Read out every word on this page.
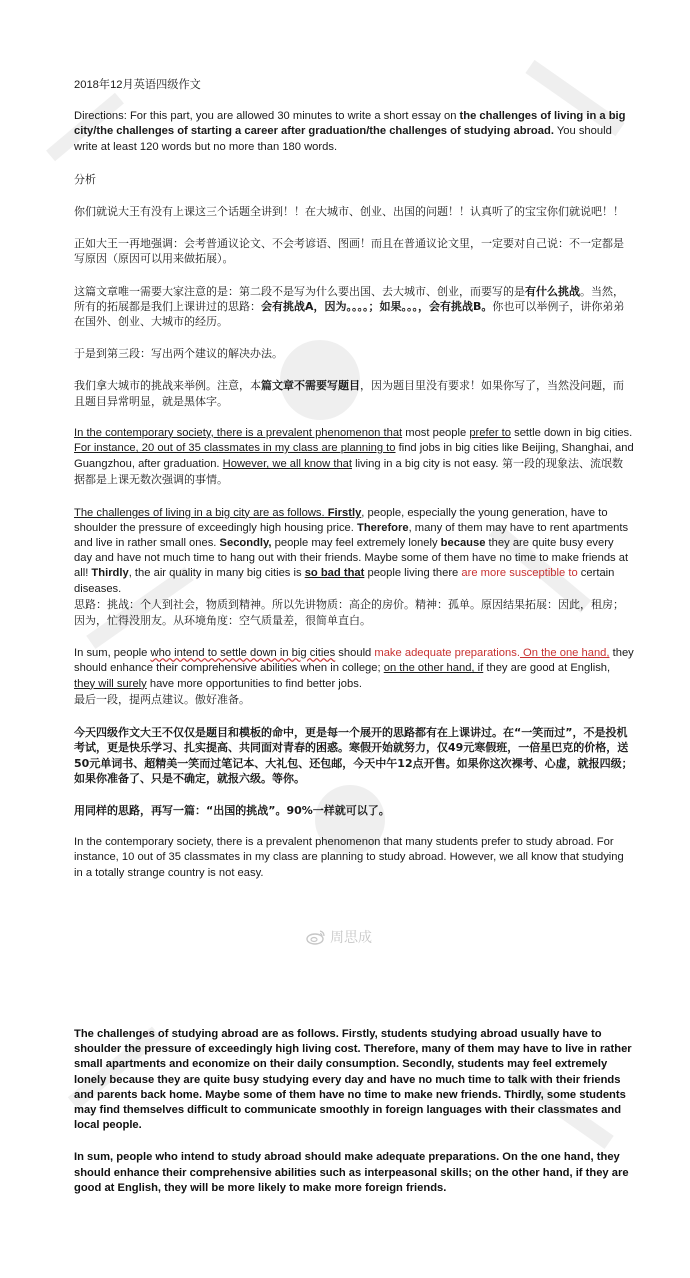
2018年12月英语四级作文
Directions: For this part, you are allowed 30 minutes to write a short essay on the challenges of living in a big city/the challenges of starting a career after graduation/the challenges of studying abroad. You should write at least 120 words but no more than 180 words.
分析
你们就说大王有没有上课这三个话题全讲到！！在大城市、创业、出国的问题！！认真听了的宝宝你们就说吧！！
正如大王一再地强调：会考普通议论文、不会考谚语、图画！而且在普通议论文里，一定要对自己说：不一定都是写原因（原因可以用来做拓展）。
这篇文章唯一需要大家注意的是：第二段不是写为什么要出国、去大城市、创业，而要写的是有什么挑战。当然，所有的拓展都是我们上课讲过的思路：会有挑战A，因为。。。。；如果。。。，会有挑战B。你也可以举例子，讲你弟弟在国外、创业、大城市的经历。
于是到第三段：写出两个建议的解决办法。
我们拿大城市的挑战来举例。注意，本篇文章不需要写题目，因为题目里没有要求！如果你写了，当然没问题，而且题目异常明显，就是黑体字。
In the contemporary society, there is a prevalent phenomenon that most people prefer to settle down in big cities. For instance, 20 out of 35 classmates in my class are planning to find jobs in big cities like Beijing, Shanghai, and Guangzhou, after graduation. However, we all know that living in a big city is not easy. 第一段的现象法、流氓数据都是上课无数次强调的事情。
The challenges of living in a big city are as follows. Firstly, people, especially the young generation, have to shoulder the pressure of exceedingly high housing price. Therefore, many of them may have to rent apartments and live in rather small ones. Secondly, people may feel extremely lonely because they are quite busy every day and have not much time to hang out with their friends. Maybe some of them have no time to make friends at all! Thirdly, the air quality in many big cities is so bad that people living there are more susceptible to certain diseases.
思路：挑战：个人到社会，物质到精神。所以先讲物质：高企的房价。精神：孤单。原因结果拓展：因此，租房；因为，忙得没朋友。从环境角度：空气质量差，很简单直白。
In sum, people who intend to settle down in big cities should make adequate preparations. On the one hand, they should enhance their comprehensive abilities when in college; on the other hand, if they are good at English, they will surely have more opportunities to find better jobs.
最后一段，提两点建议。傲好准备。
今天四级作文大王不仅仅是题目和模板的命中，更是每一个展开的思路都有在上课讲过。在“一笑而过”，不是投机考试，更是快乐学习、扎实提高、共同面对青春的困惑。寒假开始就努力，仅49元寒假班，一倍星巴克的价格，送50元单词书、超精美一笑而过笔记本、大礼包、还包邮，今天中午12点开售。如果你这次裸考、心虚，就报四级；如果你准备了、只是不确定，就报六级。等你。
用同样的思路，再写一篇：“出国的挑战”。90%一样就可以了。
In the contemporary society, there is a prevalent phenomenon that many students prefer to study abroad. For instance, 10 out of 35 classmates in my class are planning to study abroad. However, we all know that studying in a totally strange country is not easy.
周思成
The challenges of studying abroad are as follows. Firstly, students studying abroad usually have to shoulder the pressure of exceedingly high living cost. Therefore, many of them may have to live in rather small apartments and economize on their daily consumption. Secondly, students may feel extremely lonely because they are quite busy studying every day and have no much time to talk with their friends and parents back home. Maybe some of them have no time to make new friends. Thirdly, some students may find themselves difficult to communicate smoothly in foreign languages with their classmates and local people.
In sum, people who intend to study abroad should make adequate preparations. On the one hand, they should enhance their comprehensive abilities such as interpeasonal skills; on the other hand, if they are good at English, they will be more likely to make more foreign friends.
